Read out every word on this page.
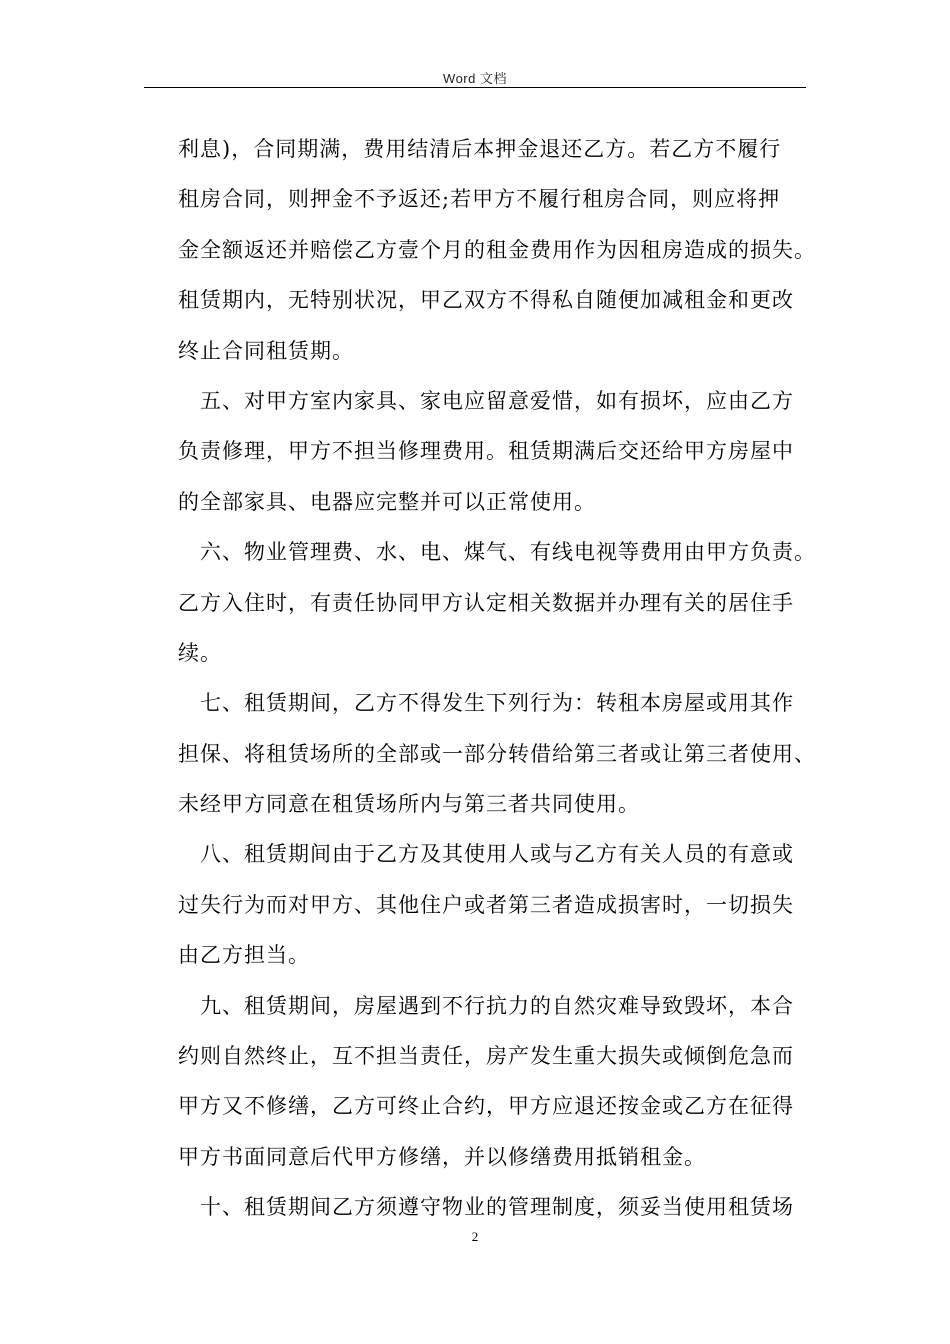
Word 文档
利息)，合同期满，费用结清后本押金退还乙方。若乙方不履行
租房合同，则押金不予返还;若甲方不履行租房合同，则应将押
金全额返还并赔偿乙方壹个月的租金费用作为因租房造成的损失。
租赁期内，无特别状况，甲乙双方不得私自随便加减租金和更改
终止合同租赁期。
五、对甲方室内家具、家电应留意爱惜，如有损坏，应由乙方
负责修理，甲方不担当修理费用。租赁期满后交还给甲方房屋中
的全部家具、电器应完整并可以正常使用。
六、物业管理费、水、电、煤气、有线电视等费用由甲方负责。
乙方入住时，有责任协同甲方认定相关数据并办理有关的居住手
续。
七、租赁期间，乙方不得发生下列行为：转租本房屋或用其作
担保、将租赁场所的全部或一部分转借给第三者或让第三者使用、
未经甲方同意在租赁场所内与第三者共同使用。
八、租赁期间由于乙方及其使用人或与乙方有关人员的有意或
过失行为而对甲方、其他住户或者第三者造成损害时，一切损失
由乙方担当。
九、租赁期间，房屋遇到不行抗力的自然灾难导致毁坏，本合
约则自然终止，互不担当责任，房产发生重大损失或倾倒危急而
甲方又不修缮，乙方可终止合约，甲方应退还按金或乙方在征得
甲方书面同意后代甲方修缮，并以修缮费用抵销租金。
十、租赁期间乙方须遵守物业的管理制度，须妥当使用租赁场
2
